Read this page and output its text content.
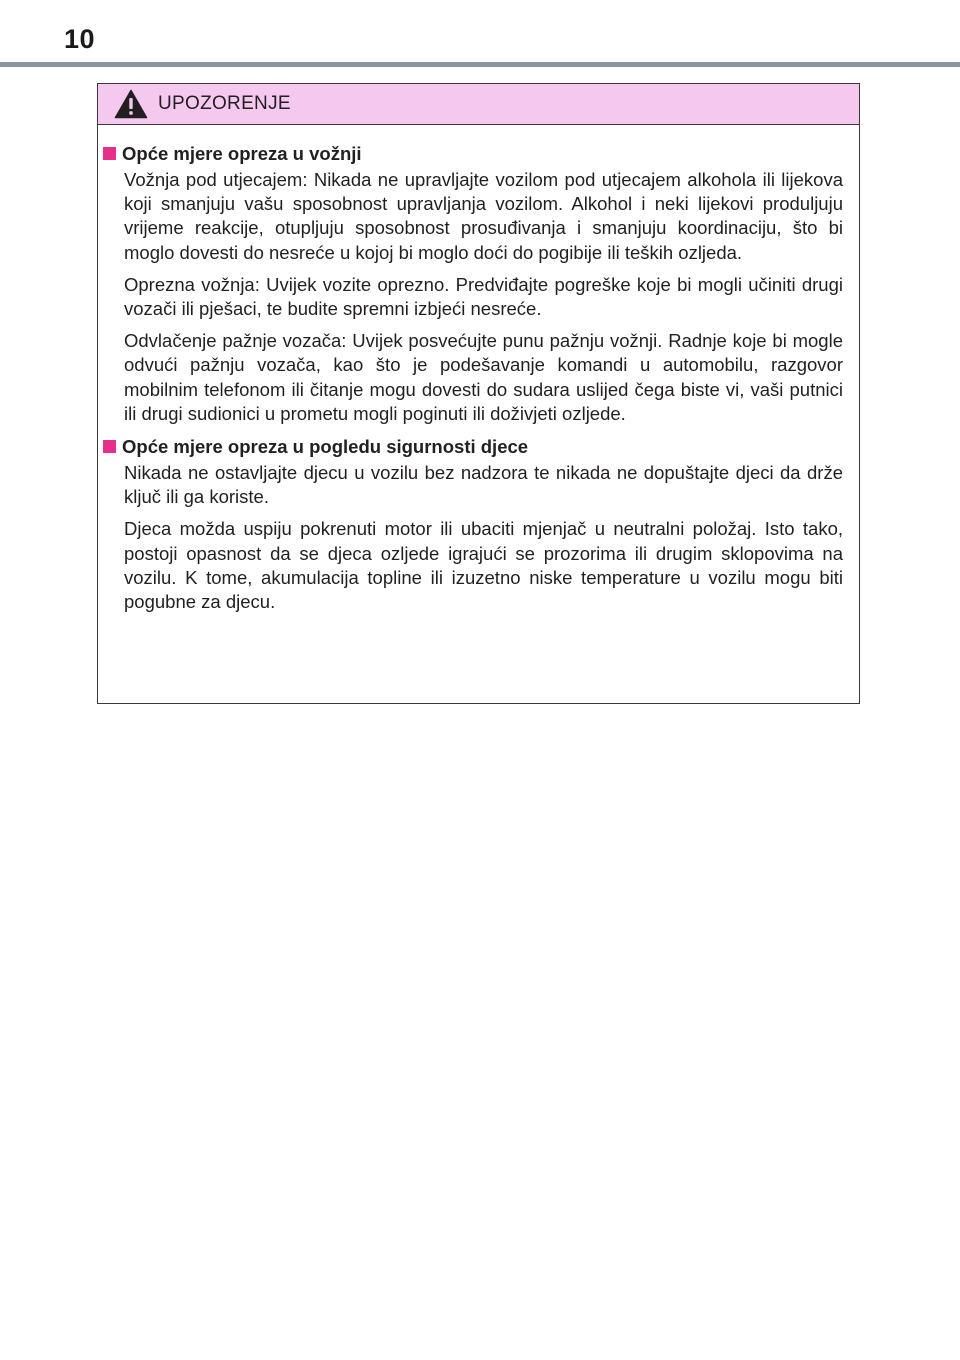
10
UPOZORENJE
Opće mjere opreza u vožnji

Vožnja pod utjecajem: Nikada ne upravljajte vozilom pod utjecajem alkohola ili lijekova koji smanjuju vašu sposobnost upravljanja vozilom. Alkohol i neki lijekovi produljuju vrijeme reakcije, otupljuju sposobnost prosuđivanja i smanjuju koordinaciju, što bi moglo dovesti do nesreće u kojoj bi moglo doći do pogibije ili teških ozljeda.

Oprezna vožnja: Uvijek vozite oprezno. Predviđajte pogreške koje bi mogli učiniti drugi vozači ili pješaci, te budite spremni izbjeći nesreće.

Odvlačenje pažnje vozača: Uvijek posvećujte punu pažnju vožnji. Radnje koje bi mogle odvući pažnju vozača, kao što je podešavanje komandi u automobilu, razgovor mobilnim telefonom ili čitanje mogu dovesti do sudara uslijed čega biste vi, vaši putnici ili drugi sudionici u prometu mogli poginuti ili doživjeti ozljede.

Opće mjere opreza u pogledu sigurnosti djece

Nikada ne ostavljajte djecu u vozilu bez nadzora te nikada ne dopuštajte djeci da drže ključ ili ga koriste.

Djeca možda uspiju pokrenuti motor ili ubaciti mjenjač u neutralni položaj. Isto tako, postoji opasnost da se djeca ozljede igrajući se prozorima ili drugim sklopovima na vozilu. K tome, akumulacija topline ili izuzetno niske temperature u vozilu mogu biti pogubne za djecu.
